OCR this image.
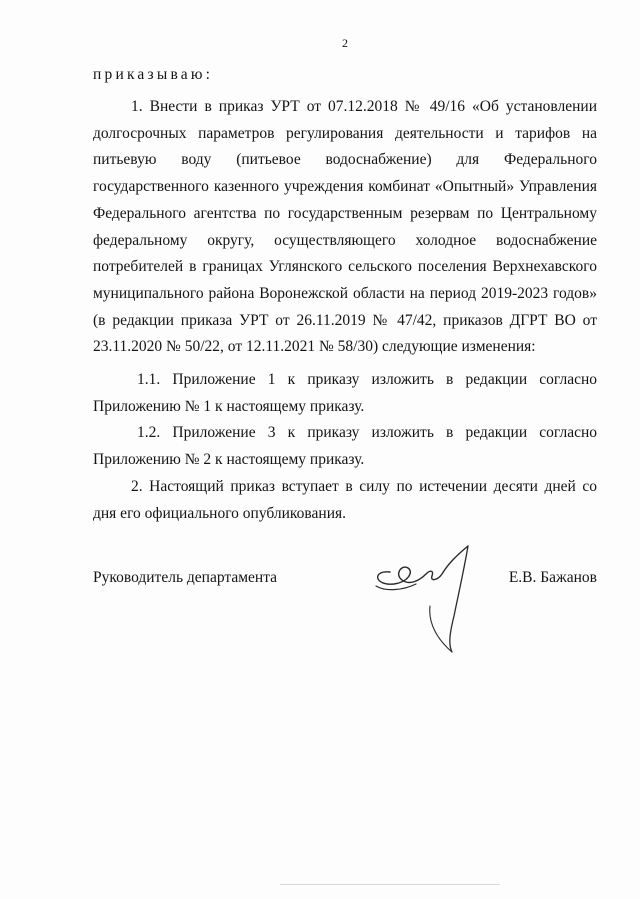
2
приказываю:

1. Внести в приказ УРТ от 07.12.2018 № 49/16 «Об установлении долгосрочных параметров регулирования деятельности и тарифов на питьевую воду (питьевое водоснабжение) для Федерального государственного казенного учреждения комбинат «Опытный» Управления Федерального агентства по государственным резервам по Центральному федеральному округу, осуществляющего холодное водоснабжение потребителей в границах Углянского сельского поселения Верхнехавского муниципального района Воронежской области на период 2019-2023 годов» (в редакции приказа УРТ от 26.11.2019 № 47/42, приказов ДГРТ ВО от 23.11.2020 № 50/22, от 12.11.2021 № 58/30) следующие изменения:

1.1. Приложение 1 к приказу изложить в редакции согласно Приложению № 1 к настоящему приказу.

1.2. Приложение 3 к приказу изложить в редакции согласно Приложению № 2 к настоящему приказу.

2. Настоящий приказ вступает в силу по истечении десяти дней со дня его официального опубликования.

Руководитель департамента	Е.В. Бажанов
